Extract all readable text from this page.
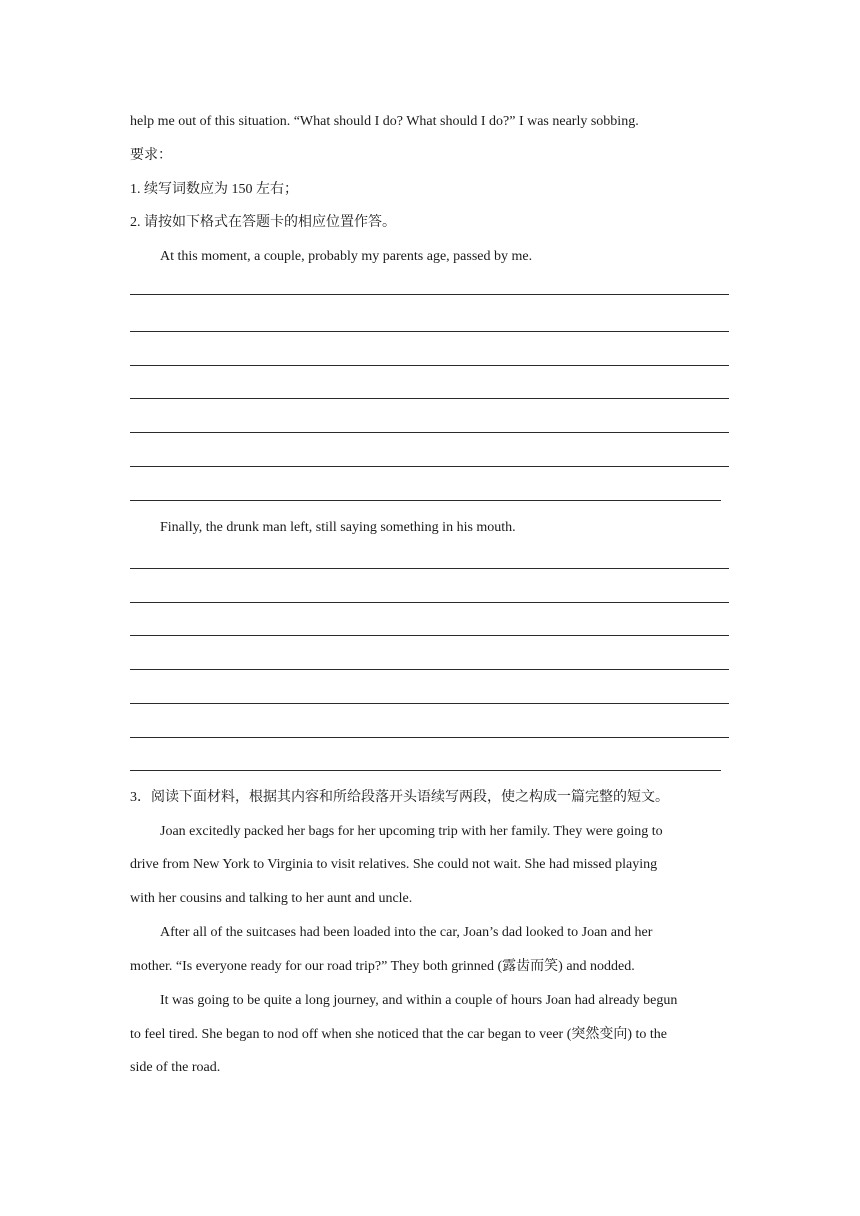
help me out of this situation. “What should I do? What should I do?” I was nearly sobbing.
要求：
1. 续写词数应为 150 左右；
2. 请按如下格式在答题卡的相应位置作答。
At this moment, a couple, probably my parents age, passed by me.
Finally, the drunk man left, still saying something in his mouth.
3．阅读下面材料，根据其内容和所给段落开头语续写两段，使之构成一篇完整的短文。
Joan excitedly packed her bags for her upcoming trip with her family. They were going to
drive from New York to Virginia to visit relatives. She could not wait. She had missed playing
with her cousins and talking to her aunt and uncle.
After all of the suitcases had been loaded into the car, Joan’s dad looked to Joan and her
mother. “Is everyone ready for our road trip?” They both grinned (露齿而笑) and nodded.
It was going to be quite a long journey, and within a couple of hours Joan had already begun
to feel tired. She began to nod off when she noticed that the car began to veer (突然变向) to the
side of the road.
